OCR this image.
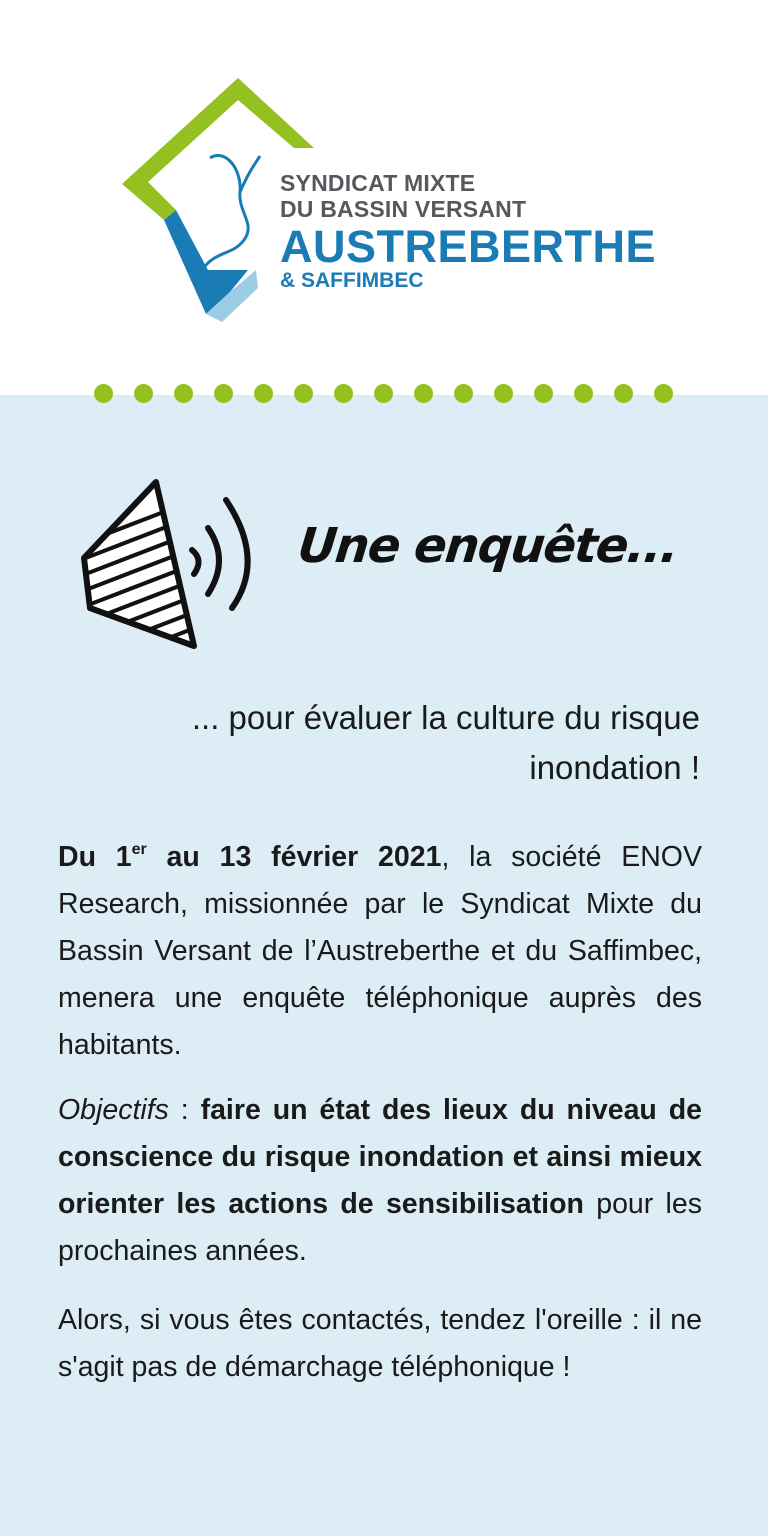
SYNDICAT MIXTE
DU BASSIN VERSANT
AUSTREBERTHE
& SAFFIMBEC
Une enquête...
... pour évaluer la culture du risque inondation !
Du 1er au 13 février 2021, la société ENOV Research, missionnée par le Syndicat Mixte du Bassin Versant de l’Austreberthe et du Saffimbec, menera une enquête téléphonique auprès des habitants.
Objectifs : faire un état des lieux du niveau de conscience du risque inondation et ainsi mieux orienter les actions de sensibilisation pour les prochaines années.
Alors, si vous êtes contactés, tendez l'oreille : il ne s'agit pas de démarchage téléphonique !
